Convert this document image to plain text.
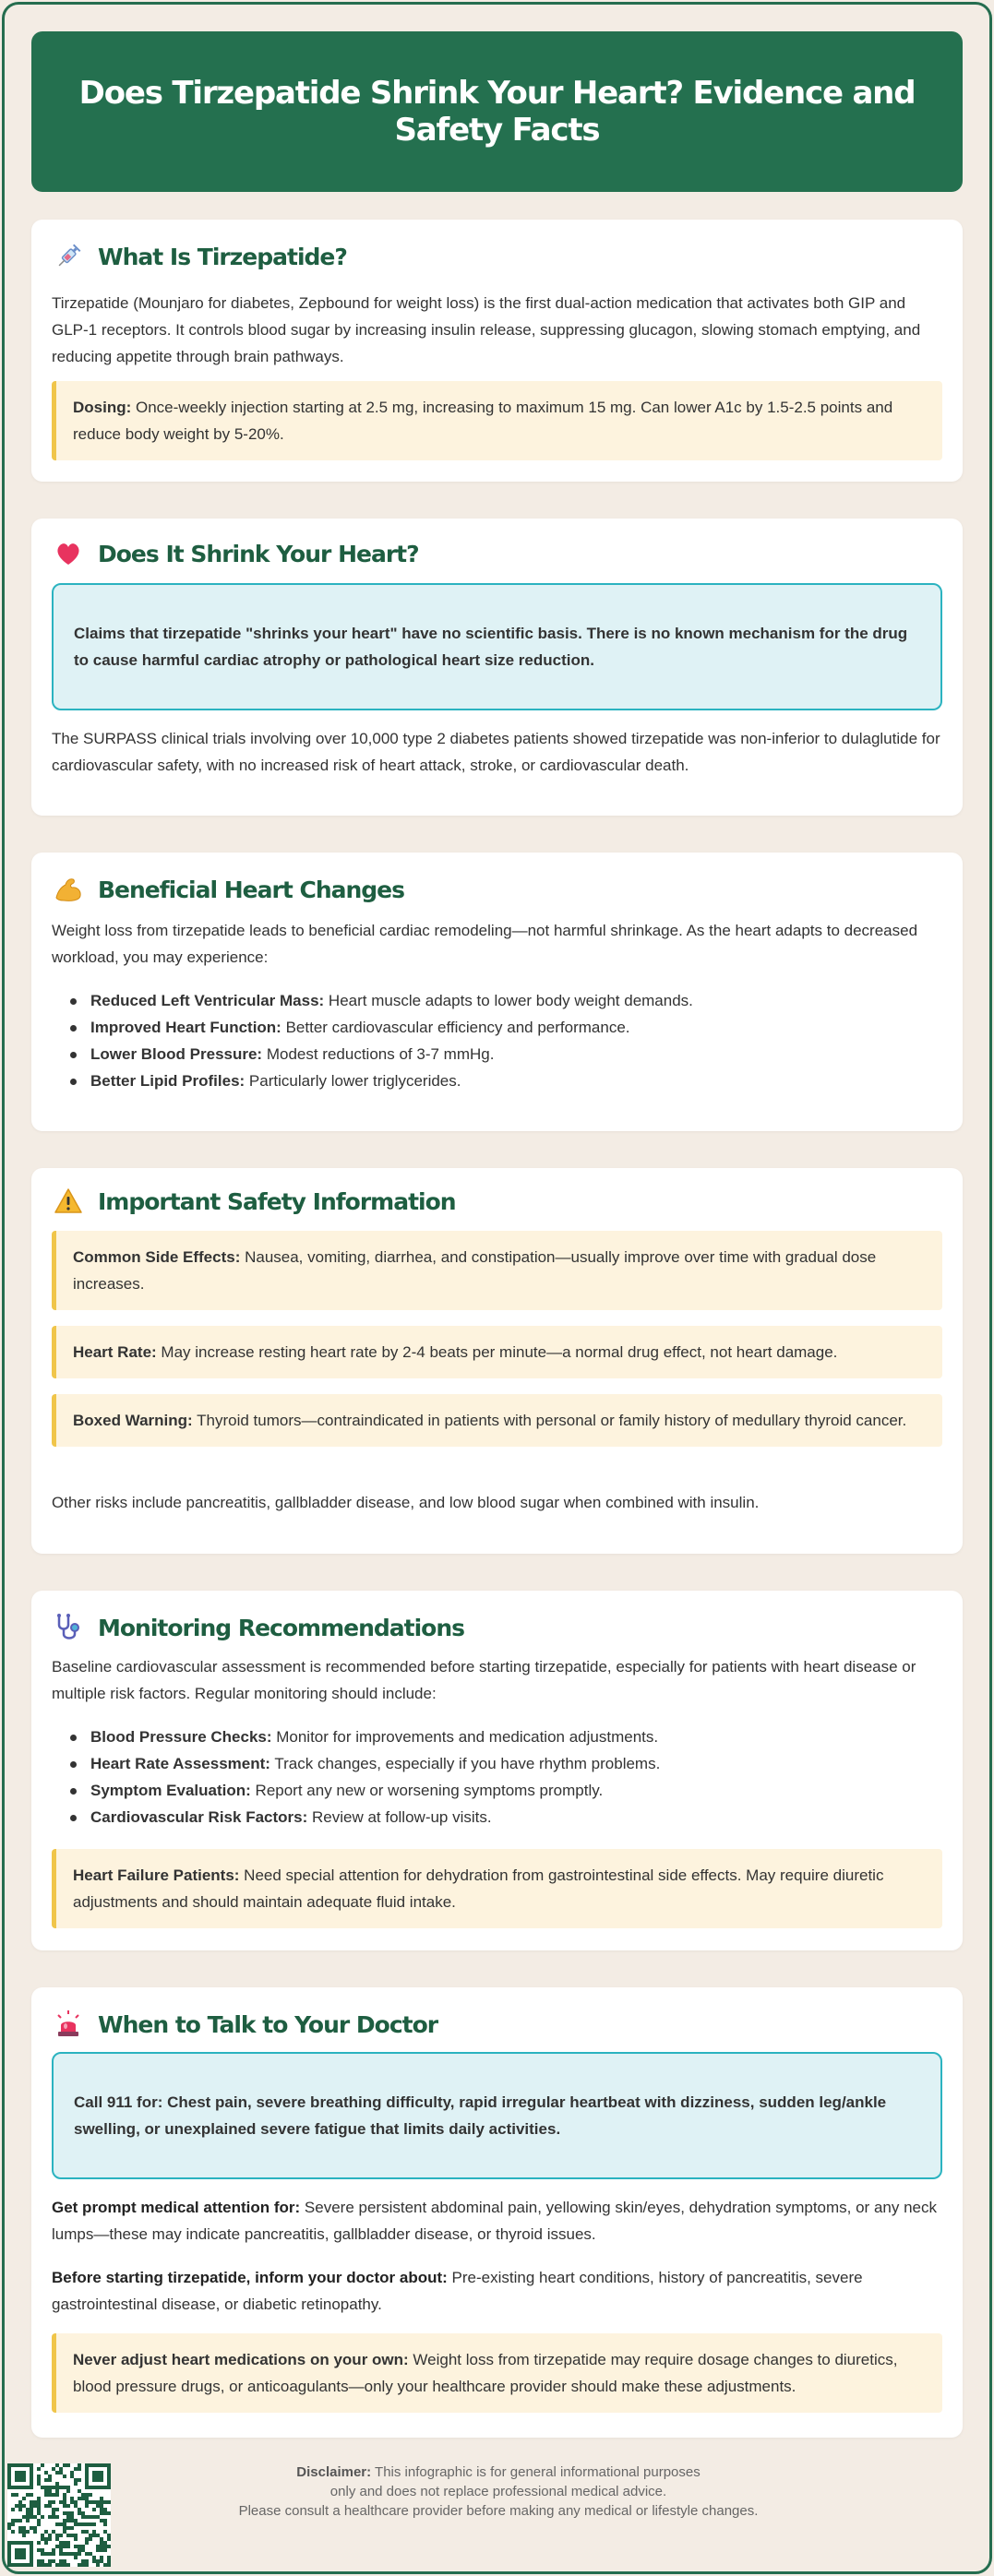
Does Tirzepatide Shrink Your Heart? Evidence and Safety Facts
What Is Tirzepatide?
Tirzepatide (Mounjaro for diabetes, Zepbound for weight loss) is the first dual-action medication that activates both GIP and GLP-1 receptors. It controls blood sugar by increasing insulin release, suppressing glucagon, slowing stomach emptying, and reducing appetite through brain pathways.
Dosing: Once-weekly injection starting at 2.5 mg, increasing to maximum 15 mg. Can lower A1c by 1.5-2.5 points and reduce body weight by 5-20%.
Does It Shrink Your Heart?
Claims that tirzepatide "shrinks your heart" have no scientific basis. There is no known mechanism for the drug to cause harmful cardiac atrophy or pathological heart size reduction.
The SURPASS clinical trials involving over 10,000 type 2 diabetes patients showed tirzepatide was non-inferior to dulaglutide for cardiovascular safety, with no increased risk of heart attack, stroke, or cardiovascular death.
Beneficial Heart Changes
Weight loss from tirzepatide leads to beneficial cardiac remodeling—not harmful shrinkage. As the heart adapts to decreased workload, you may experience:
Reduced Left Ventricular Mass: Heart muscle adapts to lower body weight demands.
Improved Heart Function: Better cardiovascular efficiency and performance.
Lower Blood Pressure: Modest reductions of 3-7 mmHg.
Better Lipid Profiles: Particularly lower triglycerides.
Important Safety Information
Common Side Effects: Nausea, vomiting, diarrhea, and constipation—usually improve over time with gradual dose increases.
Heart Rate: May increase resting heart rate by 2-4 beats per minute—a normal drug effect, not heart damage.
Boxed Warning: Thyroid tumors—contraindicated in patients with personal or family history of medullary thyroid cancer.
Other risks include pancreatitis, gallbladder disease, and low blood sugar when combined with insulin.
Monitoring Recommendations
Baseline cardiovascular assessment is recommended before starting tirzepatide, especially for patients with heart disease or multiple risk factors. Regular monitoring should include:
Blood Pressure Checks: Monitor for improvements and medication adjustments.
Heart Rate Assessment: Track changes, especially if you have rhythm problems.
Symptom Evaluation: Report any new or worsening symptoms promptly.
Cardiovascular Risk Factors: Review at follow-up visits.
Heart Failure Patients: Need special attention for dehydration from gastrointestinal side effects. May require diuretic adjustments and should maintain adequate fluid intake.
When to Talk to Your Doctor
Call 911 for: Chest pain, severe breathing difficulty, rapid irregular heartbeat with dizziness, sudden leg/ankle swelling, or unexplained severe fatigue that limits daily activities.
Get prompt medical attention for: Severe persistent abdominal pain, yellowing skin/eyes, dehydration symptoms, or any neck lumps—these may indicate pancreatitis, gallbladder disease, or thyroid issues.
Before starting tirzepatide, inform your doctor about: Pre-existing heart conditions, history of pancreatitis, severe gastrointestinal disease, or diabetic retinopathy.
Never adjust heart medications on your own: Weight loss from tirzepatide may require dosage changes to diuretics, blood pressure drugs, or anticoagulants—only your healthcare provider should make these adjustments.
Disclaimer: This infographic is for general informational purposes
only and does not replace professional medical advice.
Please consult a healthcare provider before making any medical or lifestyle changes.
